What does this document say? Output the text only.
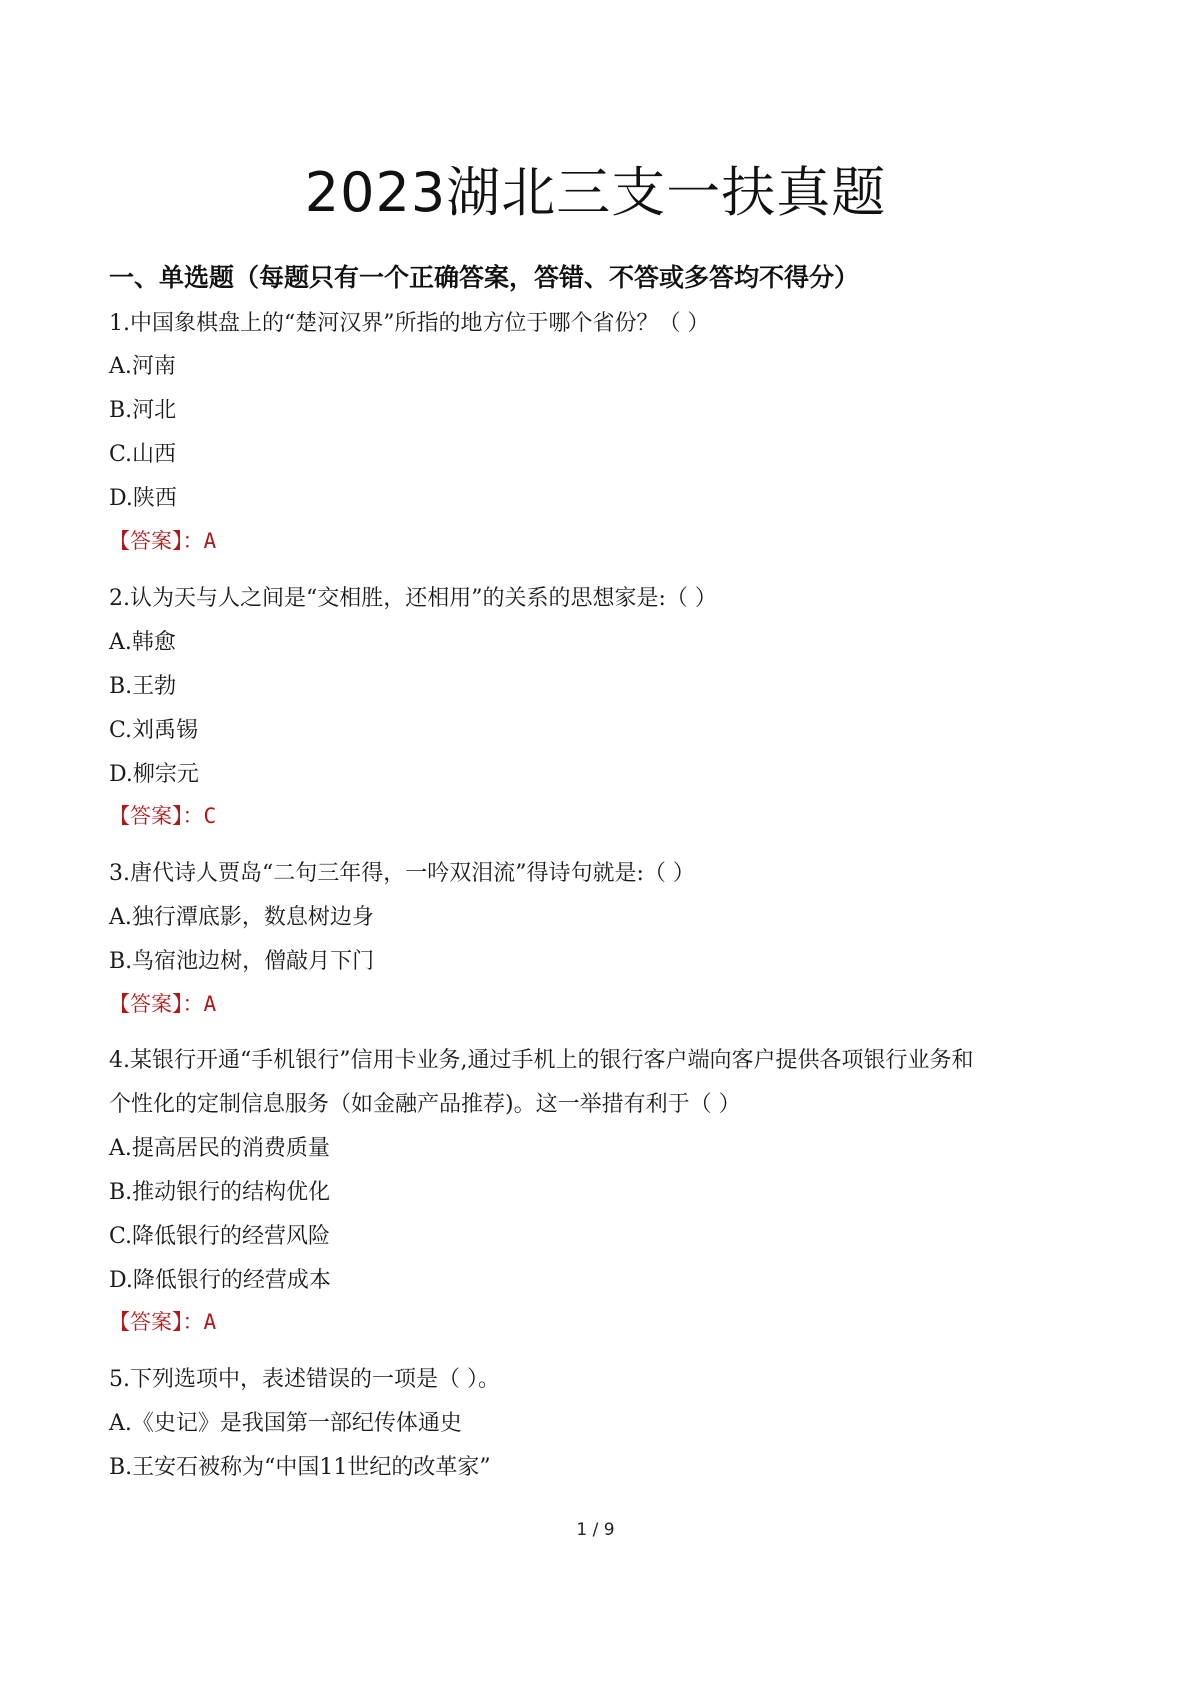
2023湖北三支一扶真题
一、单选题（每题只有一个正确答案，答错、不答或多答均不得分）
1.中国象棋盘上的“楚河汉界”所指的地方位于哪个省份？（ ）
A.河南
B.河北
C.山西
D.陕西
【答案】：A
2.认为天与人之间是“交相胜，还相用”的关系的思想家是:（ ）
A.韩愈
B.王勃
C.刘禹锡
D.柳宗元
【答案】：C
3.唐代诗人贾岛“二句三年得，一吟双泪流”得诗句就是:（ ）
A.独行潭底影，数息树边身
B.鸟宿池边树，僧敲月下门
【答案】：A
4.某银行开通“手机银行”信用卡业务,通过手机上的银行客户端向客户提供各项银行业务和
个性化的定制信息服务（如金融产品推荐)。这一举措有利于（ ）
A.提高居民的消费质量
B.推动银行的结构优化
C.降低银行的经营风险
D.降低银行的经营成本
【答案】：A
5.下列选项中，表述错误的一项是（ ）。
A.《史记》是我国第一部纪传体通史
B.王安石被称为“中国11世纪的改革家”
1 / 9
